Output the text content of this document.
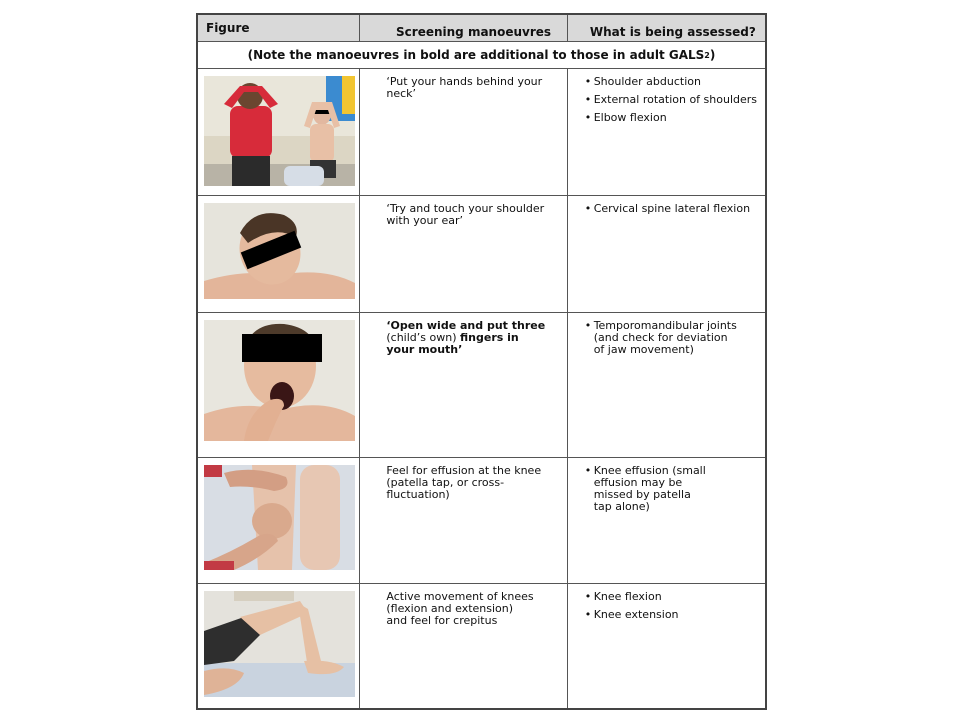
Figure	Screening manoeuvres	What is being assessed?
(Note the manoeuvres in bold are additional to those in adult GALS 2 )
‘Put your hands behind your
neck’
• Shoulder abduction
• External rotation of shoulders
• Elbow flexion
‘Try and touch your shoulder
with your ear’
• Cervical spine lateral flexion
‘Open wide and put three
(child’s own) fingers in
your mouth’
• Temporomandibular joints
(and check for deviation
of jaw movement)
Feel for effusion at the knee
(patella tap, or cross-fluctuation)
• Knee effusion (small
effusion may be
missed by patella
tap alone)
Active movement of knees
(flexion and extension)
and feel for crepitus
• Knee flexion
• Knee extension
